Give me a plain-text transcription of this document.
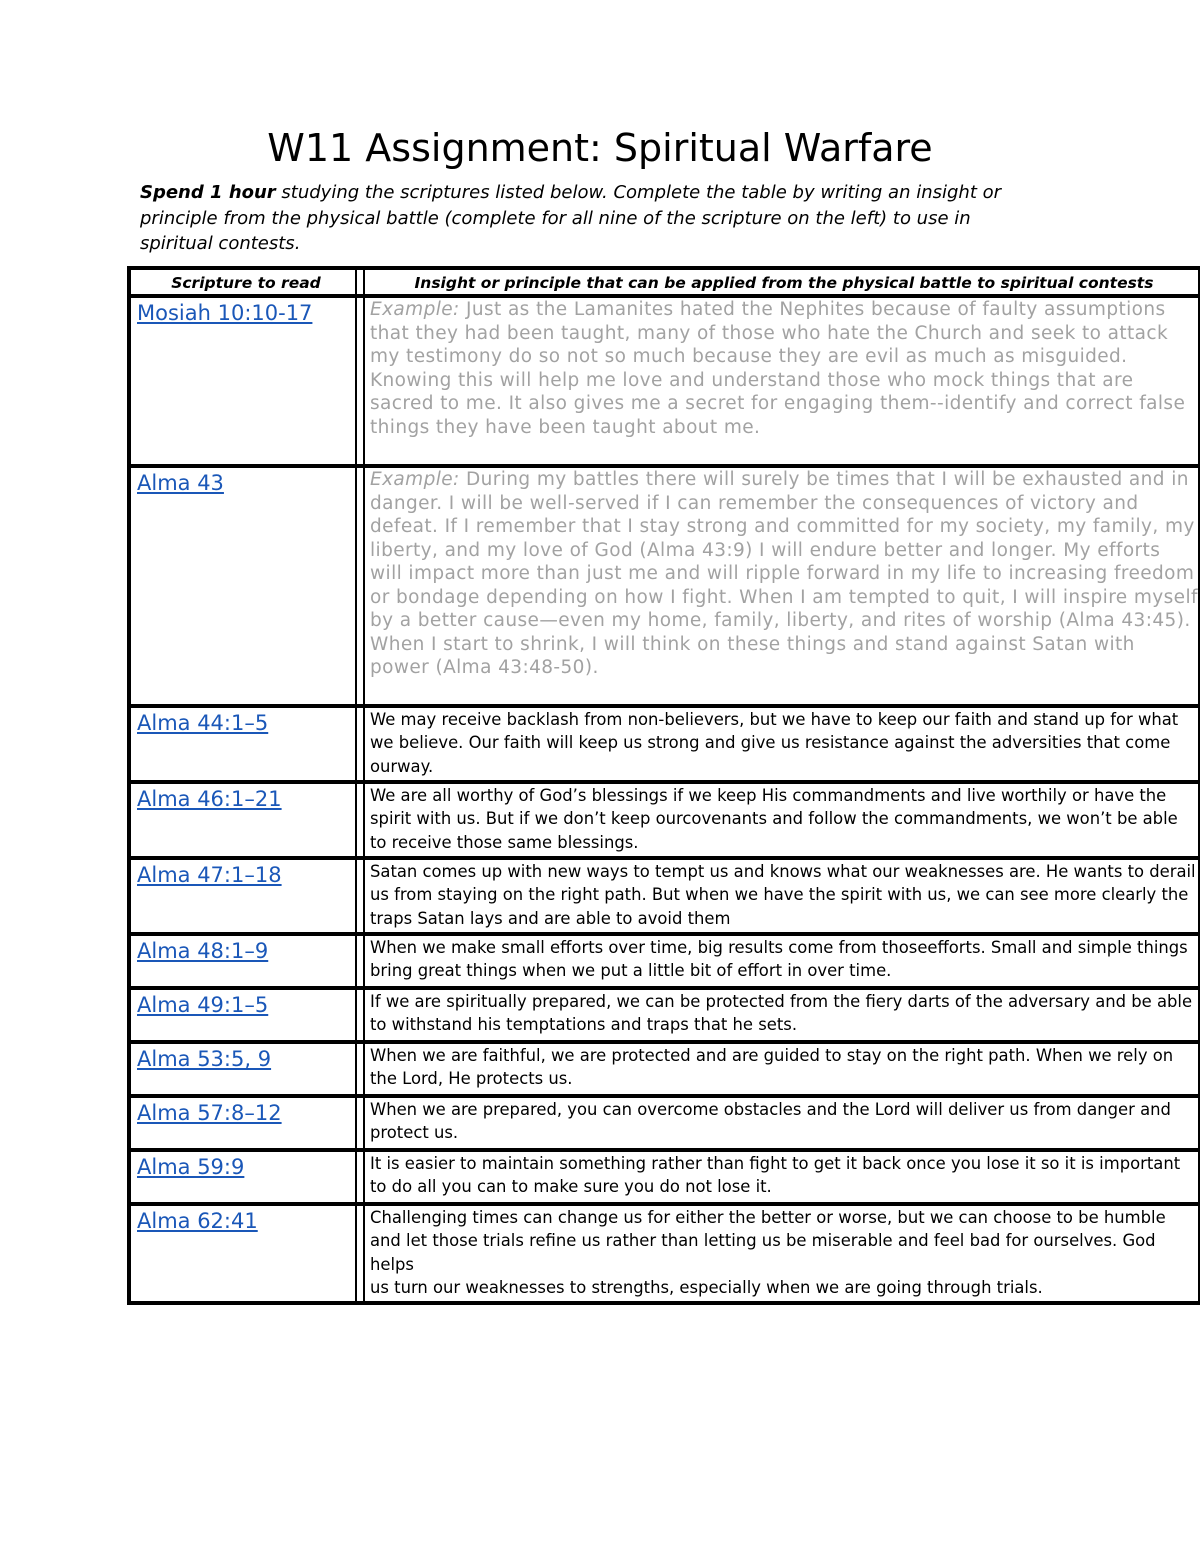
W11 Assignment: Spiritual Warfare
Spend 1 hour studying the scriptures listed below. Complete the table by writing an insight or principle from the physical battle (complete for all nine of the scripture on the left) to use in spiritual contests.
Scripture to read		Insight or principle that can be applied from the physical battle to spiritual contests

Mosiah 10:10-17		Example: Just as the Lamanites hated the Nephites because of faulty assumptions that they had been taught, many of those who hate the Church and seek to attack my testimony do so not so much because they are evil as much as misguided. Knowing this will help me love and understand those who mock things that are sacred to me. It also gives me a secret for engaging them--identify and correct false things they have been taught about me.

Alma 43		Example: During my battles there will surely be times that I will be exhausted and in danger. I will be well-served if I can remember the consequences of victory and defeat. If I remember that I stay strong and committed for my society, my family, my liberty, and my love of God (Alma 43:9) I will endure better and longer. My efforts will impact more than just me and will ripple forward in my life to increasing freedom or bondage depending on how I fight. When I am tempted to quit, I will inspire myself by a better cause—even my home, family, liberty, and rites of worship (Alma 43:45). When I start to shrink, I will think on these things and stand against Satan with power (Alma 43:48-50).

Alma 44:1–5		We may receive backlash from non-believers, but we have to keep our faith and stand up for what we believe. Our faith will keep us strong and give us resistance against the adversities that come ourway.

Alma 46:1–21		We are all worthy of God’s blessings if we keep His commandments and live worthily or have the spirit with us. But if we don’t keep ourcovenants and follow the commandments, we won’t be able to receive those same blessings.

Alma 47:1–18		Satan comes up with new ways to tempt us and knows what our weaknesses are. He wants to derail us from staying on the right path. But when we have the spirit with us, we can see more clearly the traps Satan lays and are able to avoid them

Alma 48:1–9		When we make small efforts over time, big results come from thoseefforts. Small and simple things bring great things when we put a little bit of effort in over time.

Alma 49:1–5		If we are spiritually prepared, we can be protected from the fiery darts of the adversary and be able to withstand his temptations and traps that he sets.

Alma 53:5, 9		When we are faithful, we are protected and are guided to stay on the right path. When we rely on the Lord, He protects us.

Alma 57:8–12		When we are prepared, you can overcome obstacles and the Lord will deliver us from danger and protect us.

Alma 59:9		It is easier to maintain something rather than fight to get it back once you lose it so it is important to do all you can to make sure you do not lose it.

Alma 62:41		Challenging times can change us for either the better or worse, but we can choose to be humble and let those trials refine us rather than letting us be miserable and feel bad for ourselves. God helps
us turn our weaknesses to strengths, especially when we are going through trials.
